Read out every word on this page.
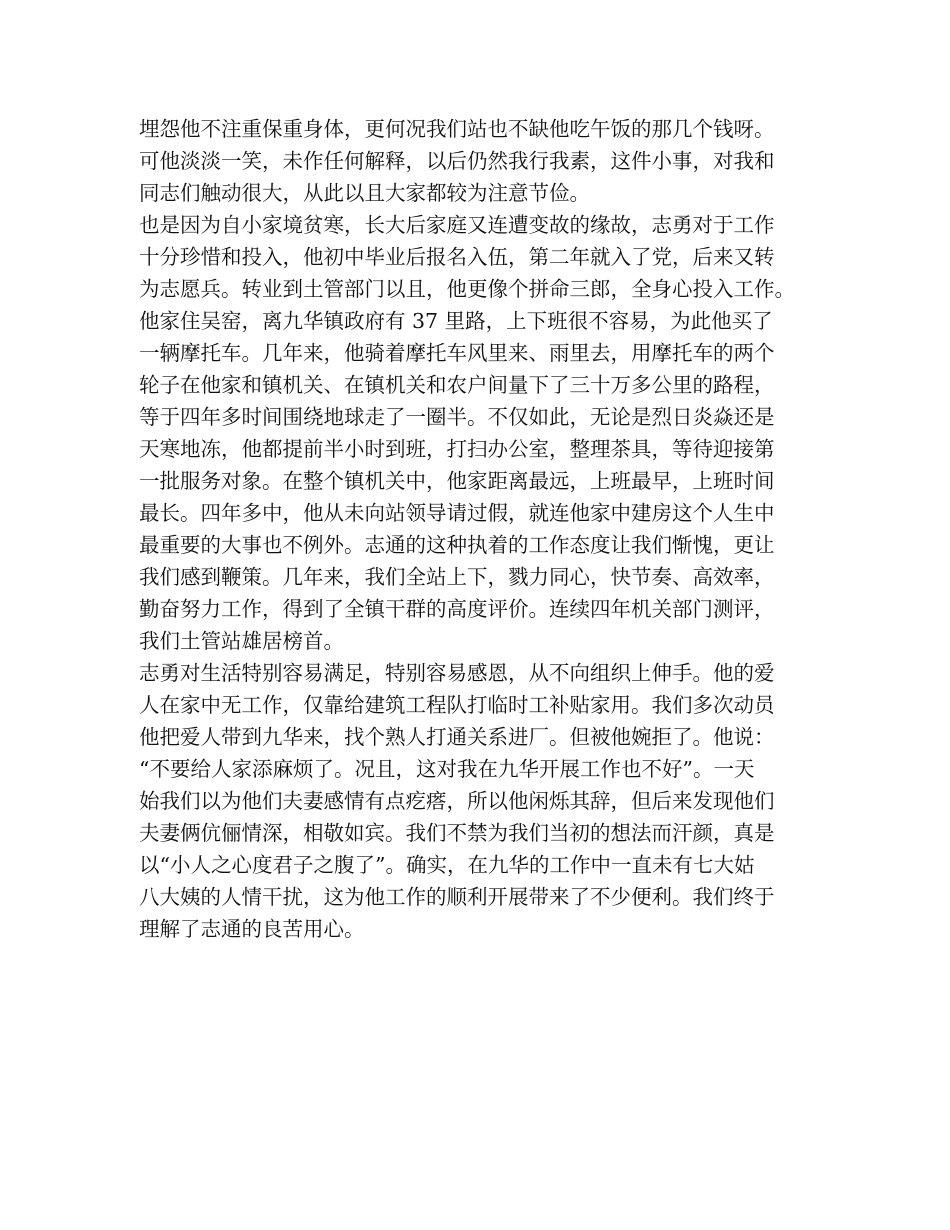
埋怨他不注重保重身体，更何况我们站也不缺他吃午饭的那几个钱呀。
可他淡淡一笑，未作任何解释，以后仍然我行我素，这件小事，对我和
同志们触动很大，从此以且大家都较为注意节俭。
也是因为自小家境贫寒，长大后家庭又连遭变故的缘故，志勇对于工作
十分珍惜和投入，他初中毕业后报名入伍，第二年就入了党，后来又转
为志愿兵。转业到土管部门以且，他更像个拼命三郎，全身心投入工作。
他家住吴窑，离九华镇政府有 37 里路，上下班很不容易，为此他买了
一辆摩托车。几年来，他骑着摩托车风里来、雨里去，用摩托车的两个
轮子在他家和镇机关、在镇机关和农户间量下了三十万多公里的路程，
等于四年多时间围绕地球走了一圈半。不仅如此，无论是烈日炎焱还是
天寒地冻，他都提前半小时到班，打扫办公室，整理茶具，等待迎接第
一批服务对象。在整个镇机关中，他家距离最远，上班最早，上班时间
最长。四年多中，他从未向站领导请过假，就连他家中建房这个人生中
最重要的大事也不例外。志通的这种执着的工作态度让我们惭愧，更让
我们感到鞭策。几年来，我们全站上下，戮力同心，快节奏、高效率，
勤奋努力工作，得到了全镇干群的高度评价。连续四年机关部门测评，
我们土管站雄居榜首。
志勇对生活特别容易满足，特别容易感恩，从不向组织上伸手。他的爱
人在家中无工作，仅靠给建筑工程队打临时工补贴家用。我们多次动员
他把爱人带到九华来，找个熟人打通关系进厂。但被他婉拒了。他说：
“不要给人家添麻烦了。况且，这对我在九华开展工作也不好”。一天
始我们以为他们夫妻感情有点疙瘩，所以他闲烁其辞，但后来发现他们
夫妻俩伉俪情深，相敬如宾。我们不禁为我们当初的想法而汗颜，真是
以“小人之心度君子之腹了”。确实，在九华的工作中一直未有七大姑
八大姨的人情干扰，这为他工作的顺利开展带来了不少便利。我们终于
理解了志通的良苦用心。
